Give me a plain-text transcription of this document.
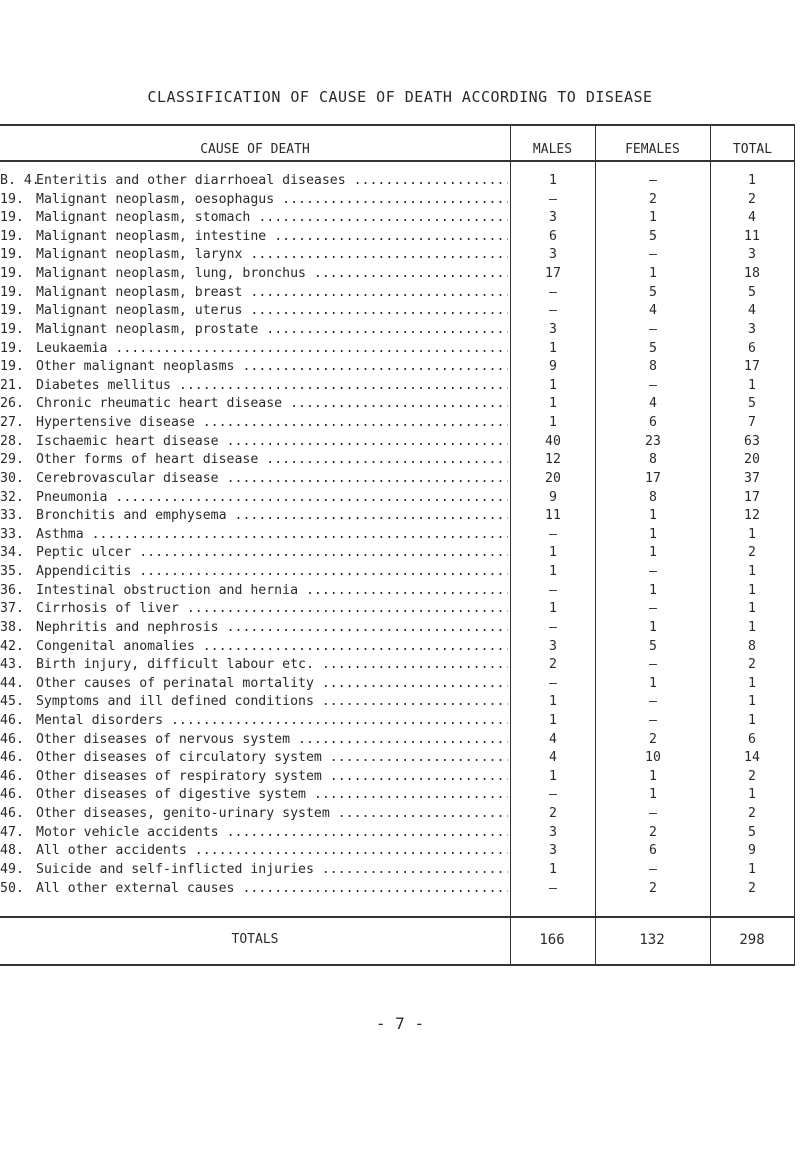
CLASSIFICATION OF CAUSE OF DEATH ACCORDING TO DISEASE
CAUSE OF DEATH	MALES	FEMALES	TOTAL
B. 4.Enteritis and other diarrhoeal diseases .....	1	–	1
19. Malignant neoplasm, oesophagus .....	–	2	2
19. Malignant neoplasm, stomach .....	3	1	4
19. Malignant neoplasm, intestine .....	6	5	11
19. Malignant neoplasm, larynx .....	3	–	3
19. Malignant neoplasm, lung, bronchus .....	17	1	18
19. Malignant neoplasm, breast .....	–	5	5
19. Malignant neoplasm, uterus .....	–	4	4
19. Malignant neoplasm, prostate .....	3	–	3
19. Leukaemia .....	1	5	6
19. Other malignant neoplasms .....	9	8	17
21. Diabetes mellitus .....	1	–	1
26. Chronic rheumatic heart disease .....	1	4	5
27. Hypertensive disease .....	1	6	7
28. Ischaemic heart disease .....	40	23	63
29. Other forms of heart disease .....	12	8	20
30. Cerebrovascular disease .....	20	17	37
32. Pneumonia .....	9	8	17
33. Bronchitis and emphysema .....	11	1	12
33. Asthma .....	–	1	1
34. Peptic ulcer .....	1	1	2
35. Appendicitis .....	1	–	1
36. Intestinal obstruction and hernia .....	–	1	1
37. Cirrhosis of liver .....	1	–	1
38. Nephritis and nephrosis .....	–	1	1
42. Congenital anomalies .....	3	5	8
43. Birth injury, difficult labour etc. .....	2	–	2
44. Other causes of perinatal mortality .....	–	1	1
45. Symptoms and ill defined conditions .....	1	–	1
46. Mental disorders .....	1	–	1
46. Other diseases of nervous system .....	4	2	6
46. Other diseases of circulatory system .....	4	10	14
46. Other diseases of respiratory system .....	1	1	2
46. Other diseases of digestive system .....	–	1	1
46. Other diseases, genito-urinary system .....	2	–	2
47. Motor vehicle accidents .....	3	2	5
48. All other accidents .....	3	6	9
49. Suicide and self-inflicted injuries .....	1	–	1
50. All other external causes .....	–	2	2
TOTALS	166	132	298
- 7 -
